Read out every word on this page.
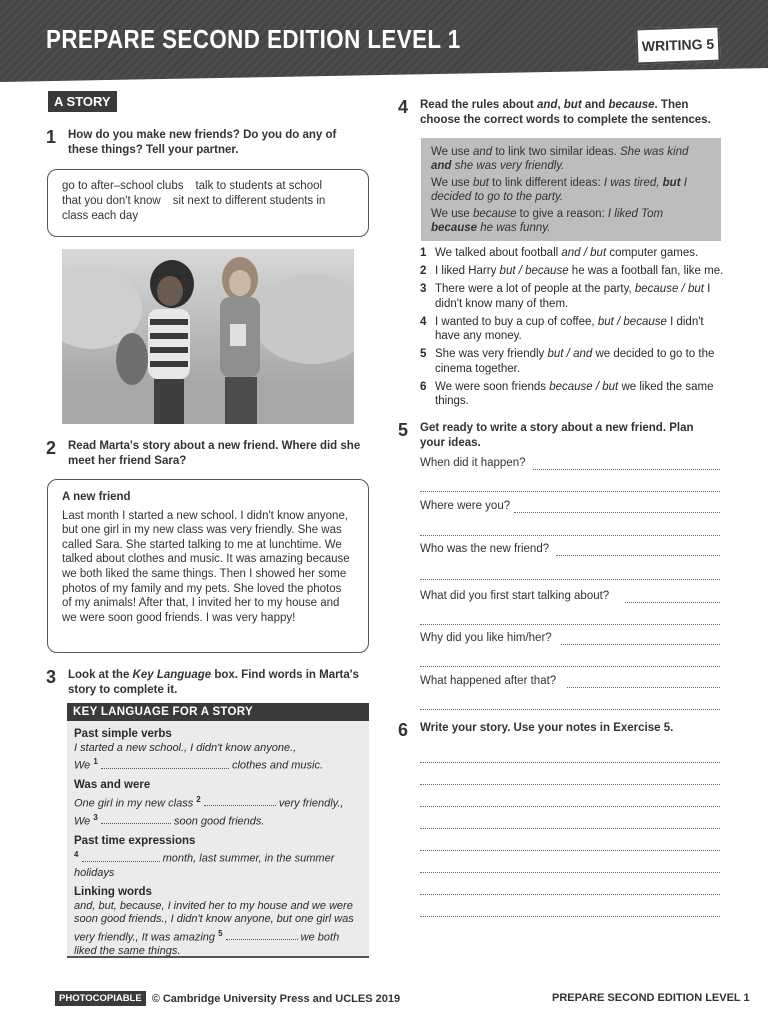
PREPARE SECOND EDITION LEVEL 1	WRITING 5
A STORY
1 How do you make new friends? Do you do any of these things? Tell your partner.
go to after–school clubs talk to students at school that you don't know sit next to different students in class each day
2 Read Marta's story about a new friend. Where did she meet her friend Sara?
A new friend
Last month I started a new school. I didn't know anyone, but one girl in my new class was very friendly. She was called Sara. She started talking to me at lunchtime. We talked about clothes and music. It was amazing because we both liked the same things. Then I showed her some photos of my family and my pets. She loved the photos of my animals! After that, I invited her to my house and we were soon good friends. I was very happy!
3 Look at the Key Language box. Find words in Marta's story to complete it.
KEY LANGUAGE FOR A STORY
Past simple verbs
I started a new school., I didn't know anyone.,
We $^1$	clothes and music.
Was and were
One girl in my new class $^2$	very friendly.,
We $^3$	soon good friends.
Past time expressions
$^4$	month, last summer, in the summer holidays
Linking words
and, but, because, I invited her to my house and we were soon good friends., I didn't know anyone, but one girl was very friendly., It was amazing $^5$	we both liked the same things.
4 Read the rules about and, but and because. Then choose the correct words to complete the sentences.

We use and to link two similar ideas. She was kind and she was very friendly.

We use but to link different ideas: I was tired, but I decided to go to the party.

We use because to give a reason: I liked Tom because he was funny.

1 We talked about football and / but computer games.
2 I liked Harry but / because he was a football fan, like me.
3 There were a lot of people at the party, because / but I didn't know many of them.
4 I wanted to buy a cup of coffee, but / because I didn't have any money.
5 She was very friendly but / and we decided to go to the cinema together.
6 We were soon friends because / but we liked the same things.
5 Get ready to write a story about a new friend. Plan your ideas.
When did it happen?
Where were you?
Who was the new friend?
What did you first start talking about?
Why did you like him/her?
What happened after that?
6 Write your story. Use your notes in Exercise 5.
PHOTOCOPIABLE © Cambridge University Press and UCLES 2019	PREPARE SECOND EDITION LEVEL 1
